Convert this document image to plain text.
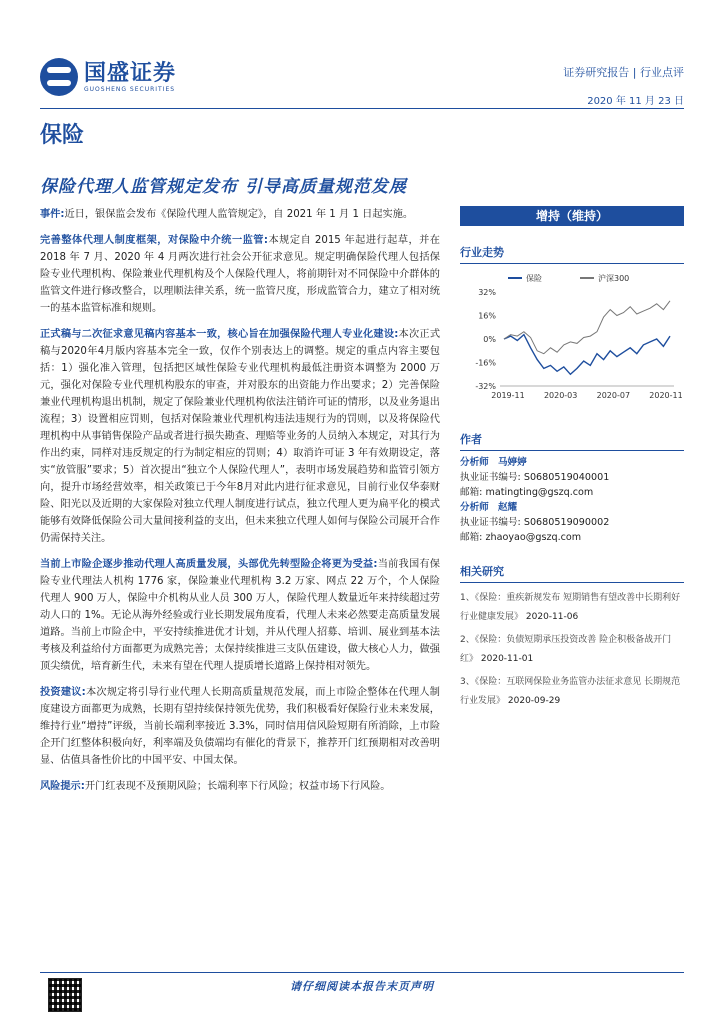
国盛证券
GUOSHENG SECURITIES
证券研究报告 | 行业点评
2020 年 11 月 23 日
保险
保险代理人监管规定发布 引导高质量规范发展

事件:近日，银保监会发布《保险代理人监管规定》，自 2021 年 1 月 1 日起实施。

完善整体代理人制度框架，对保险中介统一监管:本规定自 2015 年起进行起草，并在 2018 年 7 月、2020 年 4 月两次进行社会公开征求意见。规定明确保险代理人包括保险专业代理机构、保险兼业代理机构及个人保险代理人，将前期针对不同保险中介群体的监管文件进行修改整合，以理顺法律关系，统一监管尺度，形成监管合力，建立了相对统一的基本监管标准和规则。

正式稿与二次征求意见稿内容基本一致，核心旨在加强保险代理人专业化建设:本次正式稿与2020年4月版内容基本完全一致，仅作个别表达上的调整。规定的重点内容主要包括：1）强化准入管理，包括把区域性保险专业代理机构最低注册资本调整为 2000 万元，强化对保险专业代理机构股东的审查，并对股东的出资能力作出要求；2）完善保险兼业代理机构退出机制，规定了保险兼业代理机构依法注销许可证的情形，以及业务退出流程；3）设置相应罚则，包括对保险兼业代理机构违法违规行为的罚则，以及将保险代理机构中从事销售保险产品或者进行损失勘查、理赔等业务的人员纳入本规定，对其行为作出约束，同样对违反规定的行为制定相应的罚则；4）取消许可证 3 年有效期设定，落实“放管服”要求；5）首次提出“独立个人保险代理人”，表明市场发展趋势和监管引领方向，提升市场经营效率，相关政策已于今年8月对此内进行征求意见，目前行业仅华泰财险、阳光以及近期的大家保险对独立代理人制度进行试点，独立代理人更为扁平化的模式能够有效降低保险公司大量间接利益的支出，但未来独立代理人如何与保险公司展开合作仍需保持关注。

当前上市险企逐步推动代理人高质量发展，头部优先转型险企将更为受益:当前我国有保险专业代理法人机构 1776 家，保险兼业代理机构 3.2 万家、网点 22 万个，个人保险代理人 900 万人，保险中介机构从业人员 300 万人，保险代理人数量近年来持续超过劳动人口的 1%。无论从海外经验或行业长期发展角度看，代理人未来必然要走高质量发展道路。当前上市险企中，平安持续推进优才计划，并从代理人招募、培训、展业到基本法考核及利益给付方面都更为成熟完善；太保持续推进三支队伍建设，做大核心人力，做强顶尖绩优，培育新生代，未来有望在代理人提质增长道路上保持相对领先。

投资建议:本次规定将引导行业代理人长期高质量规范发展，而上市险企整体在代理人制度建设方面都更为成熟，长期有望持续保持领先优势，我们积极看好保险行业未来发展，维持行业“增持”评级，当前长端利率接近 3.3%，同时信用信风险短期有所消除，上市险企开门红整体积极向好，利率端及负债端均有催化的背景下，推荐开门红预期相对改善明显、估值具备性价比的中国平安、中国太保。

风险提示:开门红表现不及预期风险；长端利率下行风险；权益市场下行风险。

增持（维持）
行业走势
保险	沪深300
32%
16%
0%
-16%
-32%
2019-11 2020-03 2020-07 2020-11
作者
分析师 马婷婷
执业证书编号: S0680519040001
邮箱: matingting@gszq.com
分析师 赵耀
执业证书编号: S0680519090002
邮箱: zhaoyao@gszq.com
相关研究
1、《保险：重疾新规发布 短期销售有望改善中长期利好行业健康发展》 2020-11-06
2、《保险：负债短期承压投资改善 险企积极备战开门红》 2020-11-01
3、《保险：互联网保险业务监管办法征求意见 长期规范行业发展》 2020-09-29
请仔细阅读本报告末页声明
